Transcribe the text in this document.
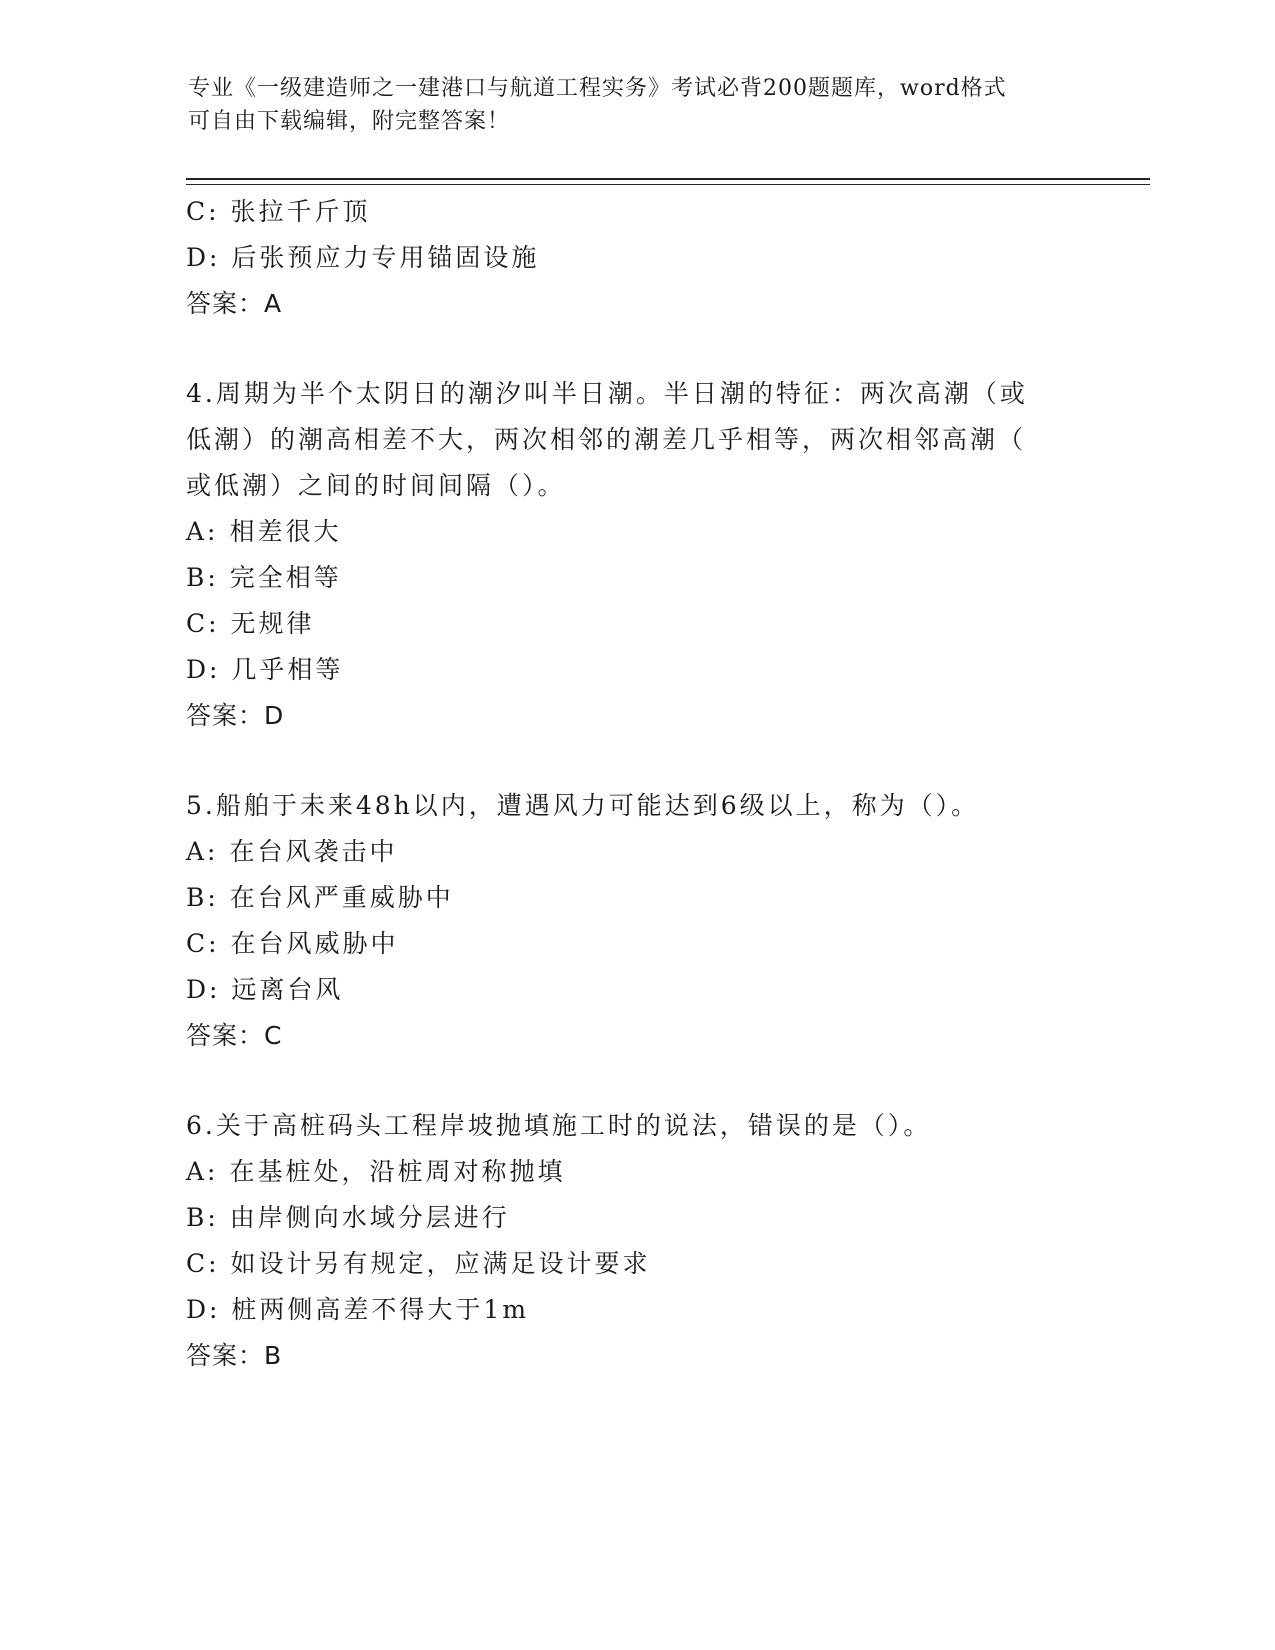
专业《一级建造师之一建港口与航道工程实务》考试必背200题题库，word格式
可自由下载编辑，附完整答案！
C: 张拉千斤顶
D: 后张预应力专用锚固设施
答案：A
4.周期为半个太阴日的潮汐叫半日潮。半日潮的特征：两次高潮（或
低潮）的潮高相差不大，两次相邻的潮差几乎相等，两次相邻高潮（
或低潮）之间的时间间隔（）。
A: 相差很大
B: 完全相等
C: 无规律
D: 几乎相等
答案：D
5.船舶于未来48h以内，遭遇风力可能达到6级以上，称为（）。
A: 在台风袭击中
B: 在台风严重威胁中
C: 在台风威胁中
D: 远离台风
答案：C
6.关于高桩码头工程岸坡抛填施工时的说法，错误的是（）。
A: 在基桩处，沿桩周对称抛填
B: 由岸侧向水域分层进行
C: 如设计另有规定，应满足设计要求
D: 桩两侧高差不得大于1m
答案：B
